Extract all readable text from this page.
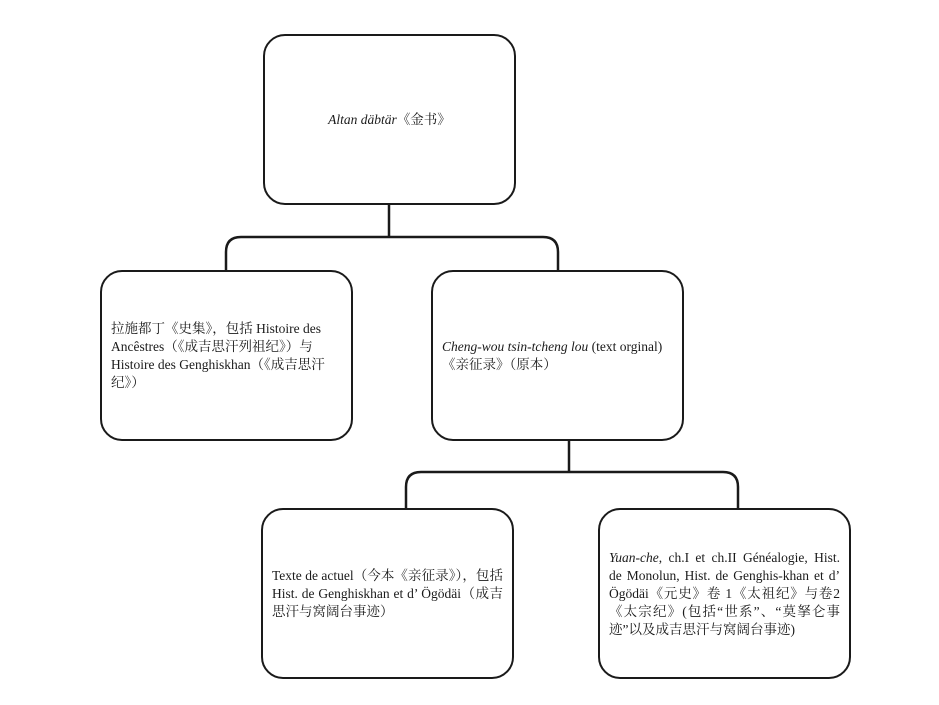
Altan däbtär《金书》
拉施都丁《史集》，包括 Histoire des Ancêstres（《成吉思汗列祖纪》）与 Histoire des Genghiskhan（《成吉思汗纪》）
Cheng-wou tsin-tcheng lou (text orginal)《亲征录》（原本）
Texte de actuel（今本《亲征录》），包括Hist. de Genghiskhan et d’ Ögödäi（成吉思汗与窝阔台事迹）
Yuan-che, ch.I et ch.II Généalogie, Hist. de Monolun, Hist. de Genghis-khan et d’ Ögödäi《元史》卷 1《太祖纪》与卷2《太宗纪》(包括“世系”、“莫拏仑事迹”以及成吉思汗与窝阔台事迹)
